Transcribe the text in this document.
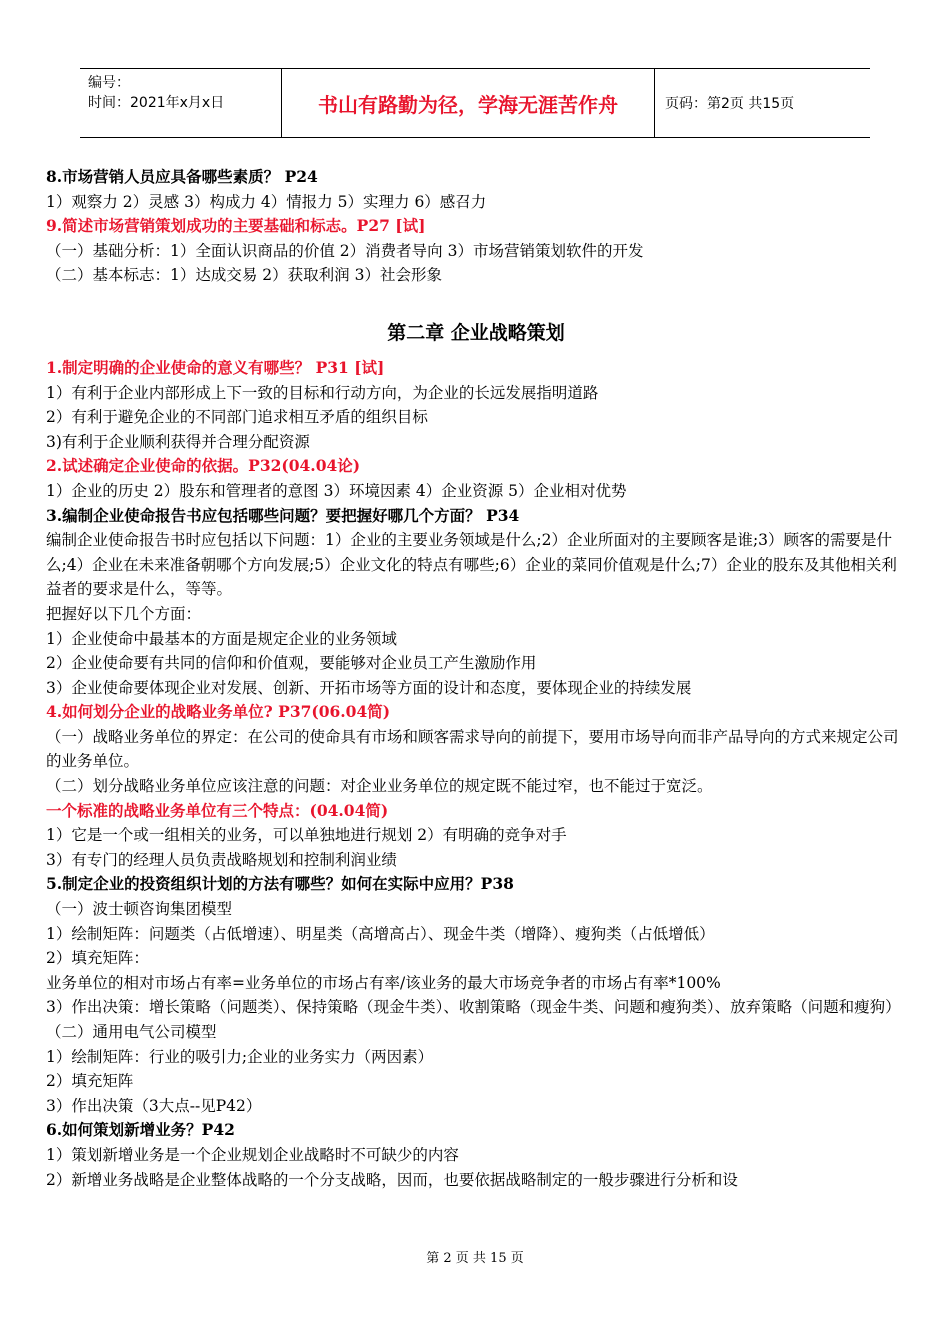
编号：
时间：2021年x月x日	书山有路勤为径，学海无涯苦作舟	页码：第2页 共15页
8.市场营销人员应具备哪些素质？ P24
1）观察力 2）灵感 3）构成力 4）情报力 5）实理力 6）感召力
9.简述市场营销策划成功的主要基础和标志。P27 [试]
（一）基础分析：1）全面认识商品的价值 2）消费者导向 3）市场营销策划软件的开发
（二）基本标志：1）达成交易 2）获取利润 3）社会形象
第二章 企业战略策划
1.制定明确的企业使命的意义有哪些？ P31 [试]
1）有利于企业内部形成上下一致的目标和行动方向，为企业的长远发展指明道路
2）有利于避免企业的不同部门追求相互矛盾的组织目标
3)有利于企业顺利获得并合理分配资源
2.试述确定企业使命的依据。P32(04.04论)
1）企业的历史 2）股东和管理者的意图 3）环境因素 4）企业资源 5）企业相对优势
3.编制企业使命报告书应包括哪些问题？要把握好哪几个方面？ P34
编制企业使命报告书时应包括以下问题：1）企业的主要业务领域是什么;2）企业所面对的主要顾客是谁;3）顾客的需要是什么;4）企业在未来准备朝哪个方向发展;5）企业文化的特点有哪些;6）企业的菜同价值观是什么;7）企业的股东及其他相关利益者的要求是什么，等等。
把握好以下几个方面：
1）企业使命中最基本的方面是规定企业的业务领域
2）企业使命要有共同的信仰和价值观，要能够对企业员工产生激励作用
3）企业使命要体现企业对发展、创新、开拓市场等方面的设计和态度，要体现企业的持续发展
4.如何划分企业的战略业务单位? P37(06.04简)
（一）战略业务单位的界定：在公司的使命具有市场和顾客需求导向的前提下，要用市场导向而非产品导向的方式来规定公司的业务单位。
（二）划分战略业务单位应该注意的问题：对企业业务单位的规定既不能过窄，也不能过于宽泛。
一个标准的战略业务单位有三个特点：(04.04简)
1）它是一个或一组相关的业务，可以单独地进行规划 2）有明确的竞争对手
3）有专门的经理人员负责战略规划和控制利润业绩
5.制定企业的投资组织计划的方法有哪些？如何在实际中应用？P38
（一）波士顿咨询集团模型
1）绘制矩阵：问题类（占低增速）、明星类（高增高占）、现金牛类（增降）、瘦狗类（占低增低）
2）填充矩阵：
业务单位的相对市场占有率=业务单位的市场占有率/该业务的最大市场竞争者的市场占有率*100%
3）作出决策：增长策略（问题类）、保持策略（现金牛类）、收割策略（现金牛类、问题和瘦狗类）、放弃策略（问题和瘦狗）
（二）通用电气公司模型
1）绘制矩阵：行业的吸引力;企业的业务实力（两因素）
2）填充矩阵
3）作出决策（3大点--见P42）
6.如何策划新增业务？P42
1）策划新增业务是一个企业规划企业战略时不可缺少的内容
2）新增业务战略是企业整体战略的一个分支战略，因而，也要依据战略制定的一般步骤进行分析和设
第 2 页 共 15 页
